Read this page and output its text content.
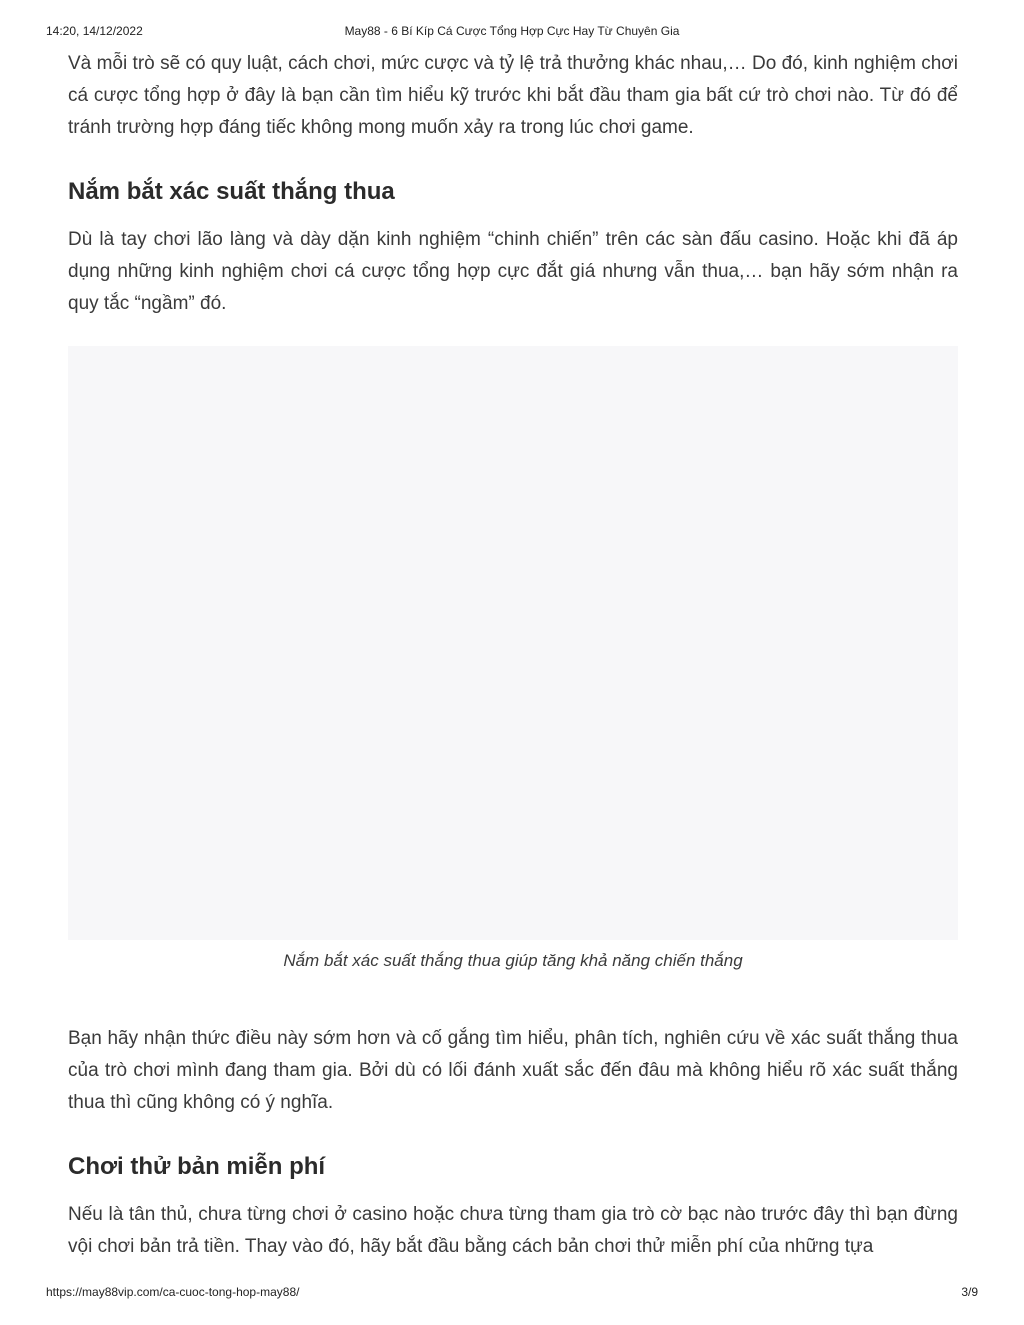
May88 - 6 Bí Kíp Cá Cược Tổng Hợp Cực Hay Từ Chuyên Gia
14:20, 14/12/2022

Và mỗi trò sẽ có quy luật, cách chơi, mức cược và tỷ lệ trả thưởng khác nhau,… Do đó, kinh nghiệm chơi cá cược tổng hợp ở đây là bạn cần tìm hiểu kỹ trước khi bắt đầu tham gia bất cứ trò chơi nào. Từ đó để tránh trường hợp đáng tiếc không mong muốn xảy ra trong lúc chơi game.

Nắm bắt xác suất thắng thua

Dù là tay chơi lão làng và dày dặn kinh nghiệm “chinh chiến” trên các sàn đấu casino. Hoặc khi đã áp dụng những kinh nghiệm chơi cá cược tổng hợp cực đắt giá nhưng vẫn thua,… bạn hãy sớm nhận ra quy tắc “ngầm” đó.

Nắm bắt xác suất thắng thua giúp tăng khả năng chiến thắng

Bạn hãy nhận thức điều này sớm hơn và cố gắng tìm hiểu, phân tích, nghiên cứu về xác suất thắng thua của trò chơi mình đang tham gia. Bởi dù có lối đánh xuất sắc đến đâu mà không hiểu rõ xác suất thắng thua thì cũng không có ý nghĩa.

Chơi thử bản miễn phí

Nếu là tân thủ, chưa từng chơi ở casino hoặc chưa từng tham gia trò cờ bạc nào trước đây thì bạn đừng vội chơi bản trả tiền. Thay vào đó, hãy bắt đầu bằng cách bản chơi thử miễn phí của những tựa

https://may88vip.com/ca-cuoc-tong-hop-may88/	3/9
